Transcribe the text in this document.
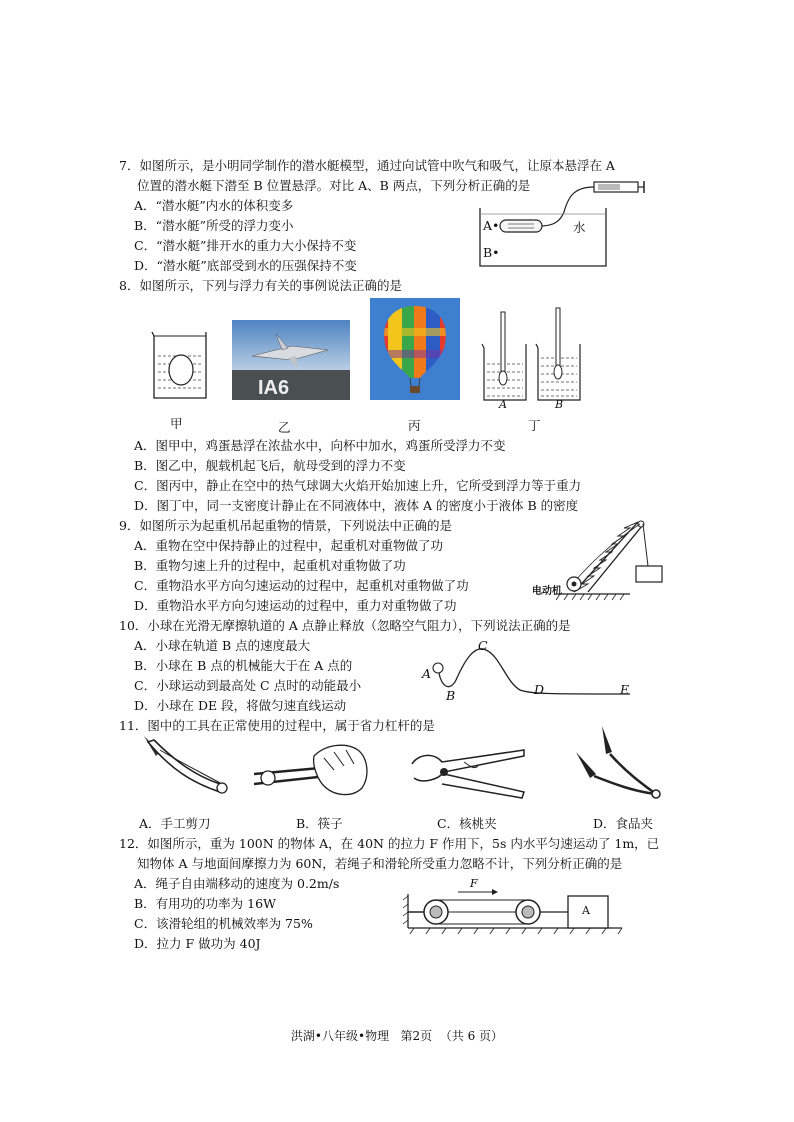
7．如图所示，是小明同学制作的潜水艇模型，通过向试管中吹气和吸气，让原本悬浮在 A
位置的潜水艇下潜至 B 位置悬浮。对比 A、B 两点，下列分析正确的是
A．“潜水艇”内水的体积变多
B．“潜水艇”所受的浮力变小
C．“潜水艇”排开水的重力大小保持不变
D．“潜水艇”底部受到水的压强保持不变
A•
B•
水
8．如图所示，下列与浮力有关的事例说法正确的是
甲
IA6
乙	丙
A	B
丁
A．图甲中，鸡蛋悬浮在浓盐水中，向杯中加水，鸡蛋所受浮力不变
B．图乙中，舰载机起飞后，航母受到的浮力不变
C．图丙中，静止在空中的热气球调大火焰开始加速上升，它所受到浮力等于重力
D．图丁中，同一支密度计静止在不同液体中，液体 A 的密度小于液体 B 的密度
9．如图所示为起重机吊起重物的情景，下列说法中正确的是
A．重物在空中保持静止的过程中，起重机对重物做了功
B．重物匀速上升的过程中，起重机对重物做了功
C．重物沿水平方向匀速运动的过程中，起重机对重物做了功
D．重物沿水平方向匀速运动的过程中，重力对重物做了功
电动机
10．小球在光滑无摩擦轨道的 A 点静止释放（忽略空气阻力），下列说法正确的是
A．小球在轨道 B 点的速度最大
B．小球在 B 点的机械能大于在 A 点的
C．小球运动到最高处 C 点时的动能最小
D．小球在 DE 段，将做匀速直线运动
A
B
C
D	E
11．图中的工具在正常使用的过程中，属于省力杠杆的是
A．手工剪刀	B．筷子	C．核桃夹	D．食品夹
12．如图所示，重为 100N 的物体 A，在 40N 的拉力 F 作用下，5s 内水平匀速运动了 1m，已
知物体 A 与地面间摩擦力为 60N，若绳子和滑轮所受重力忽略不计，下列分析正确的是
A．绳子自由端移动的速度为 0.2m/s
B．有用功的功率为 16W
C．该滑轮组的机械效率为 75%
D．拉力 F 做功为 40J
F
A
洪湖•八年级•物理   第2页  （共 6 页）
